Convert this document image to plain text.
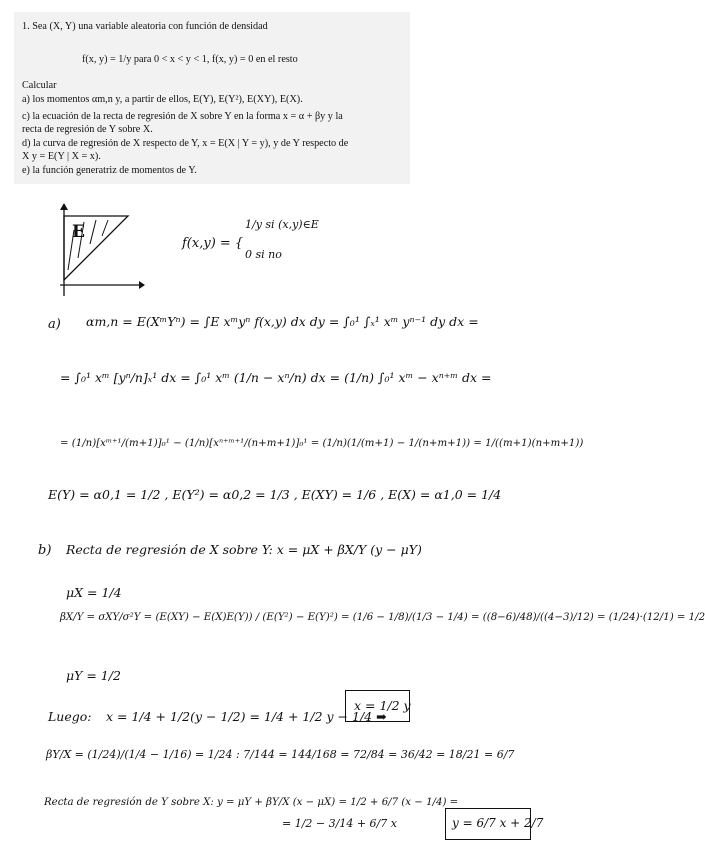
1. Sea (X, Y) una variable aleatoria con función de densidad
f(x, y) = 1/y para 0 < x < y < 1, f(x, y) = 0 en el resto
Calcular
a) los momentos αm,n y, a partir de ellos, E(Y), E(Y²), E(XY), E(X).
c) la ecuación de la recta de regresión de X sobre Y en la forma x = α + βy y la
recta de regresión de Y sobre X.
d) la curva de regresión de X respecto de Y, x = E(X | Y = y), y de Y respecto de
X y = E(Y | X = x).
e) la función generatriz de momentos de Y.
E
f(x,y) = {
1/y si (x,y)∈E
0 si no
a) αm,n = E(XᵐYⁿ) = ∫E xᵐyⁿ f(x,y) dx dy = ∫₀¹ ∫ₓ¹ xᵐ yⁿ⁻¹ dy dx =
= ∫₀¹ xᵐ [yⁿ/n]ₓ¹ dx = ∫₀¹ xᵐ (1/n − xⁿ/n) dx = (1/n) ∫₀¹ xᵐ − xⁿ⁺ᵐ dx =
= (1/n)[xᵐ⁺¹/(m+1)]₀¹ − (1/n)[xⁿ⁺ᵐ⁺¹/(n+m+1)]₀¹ = (1/n)(1/(m+1) − 1/(n+m+1)) = 1/((m+1)(n+m+1))
E(Y) = α0,1 = 1/2 , E(Y²) = α0,2 = 1/3 , E(XY) = 1/6 , E(X) = α1,0 = 1/4
b) Recta de regresión de X sobre Y: x = μX + βX/Y (y − μY)
μX = 1/4
βX/Y = σXY/σ²Y = (E(XY) − E(X)E(Y)) / (E(Y²) − E(Y)²) = (1/6 − 1/8)/(1/3 − 1/4) = ((8−6)/48)/((4−3)/12) = (1/24)·(12/1) = 1/2
μY = 1/2
Luego: x = 1/4 + 1/2(y − 1/2) = 1/4 + 1/2 y − 1/4 ➡
x = 1/2 y
βY/X = (1/24)/(1/4 − 1/16) = 1/24 : 7/144 = 144/168 = 72/84 = 36/42 = 18/21 = 6/7
Recta de regresión de Y sobre X: y = μY + βY/X (x − μX) = 1/2 + 6/7 (x − 1/4) =
= 1/2 − 3/14 + 6/7 x	y = 6/7 x + 2/7
